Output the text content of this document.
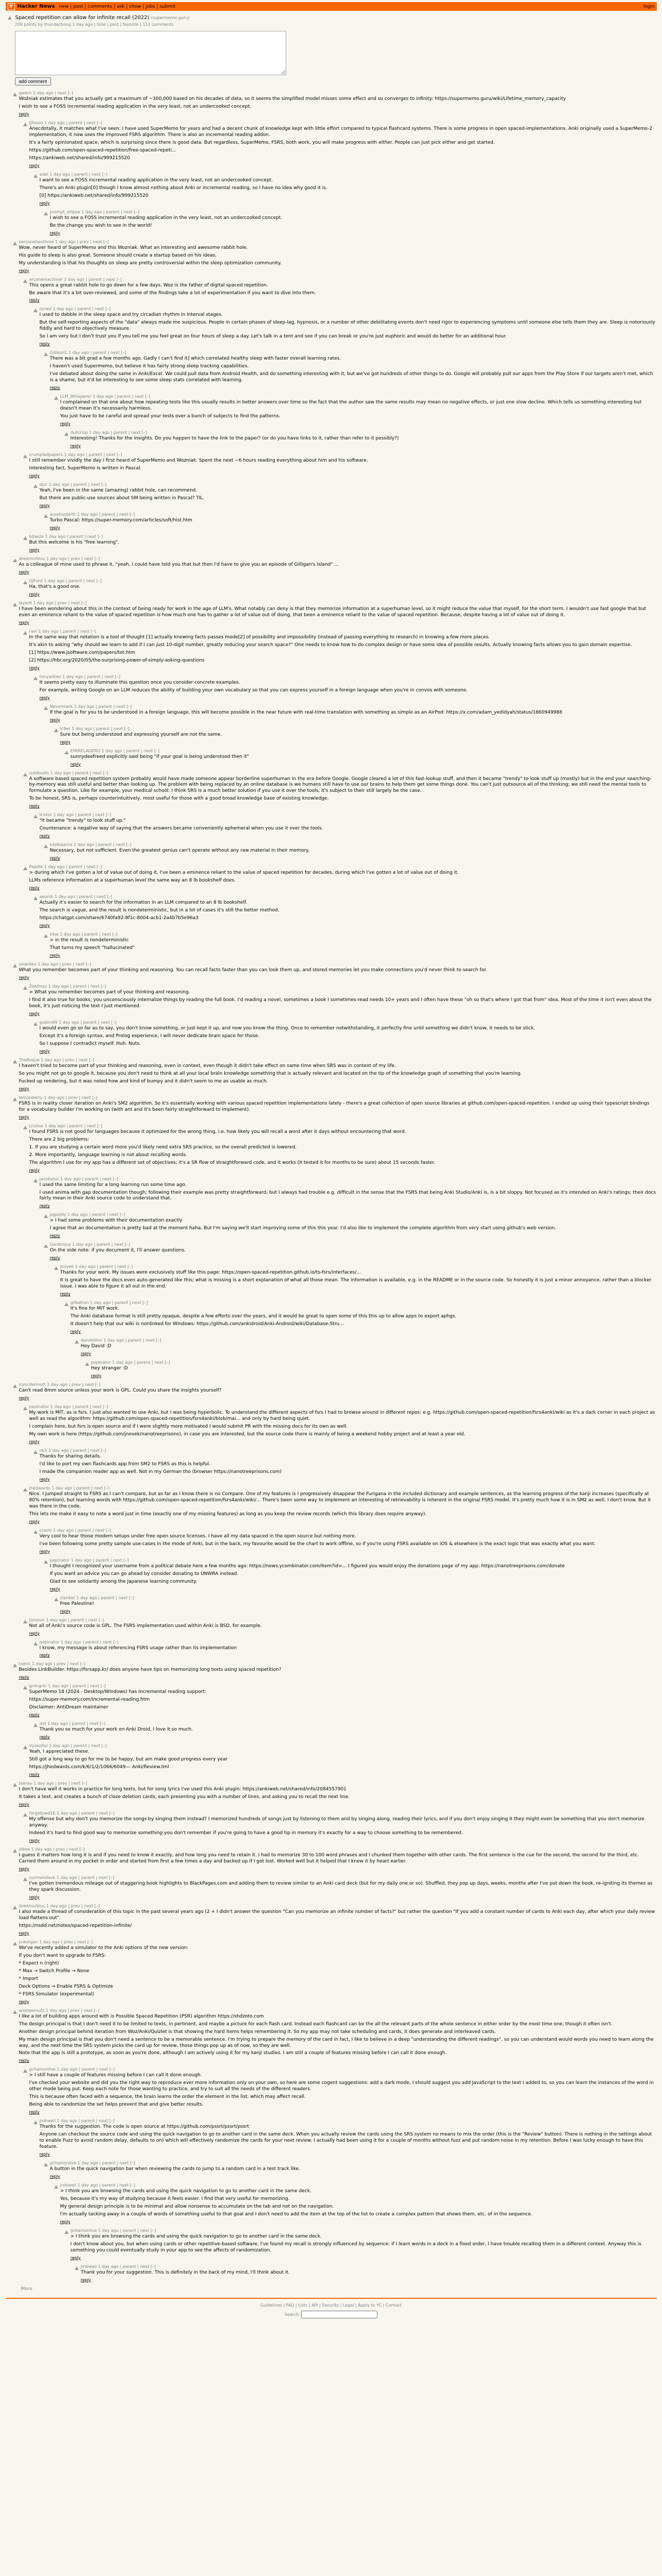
Y Hacker News new | past | comments | ask | show | jobs | submit	login
Spaced repetition can allow for infinite recall (2022) (supermemo.guru)
209 points by thunderbong 1 day ago | hide | past | favorite | 112 comments
add comment
gwern 1 day ago | next [–]

Woźniak estimates that you actually get a maximum of ~300,000 based on his decades of data, so it seems the simplified model misses some effect and so converges to infinity: https://supermemo.guru/wiki/Lifetime_memory_capacity

I wish to see a FOSS incremental reading application in the very least, not an undercooked concept.

reply
jjfoooo 1 day ago | parent | next [–]

Anecdotally, it matches what I've seen: I have used SuperMemo for years and had a decent chunk of knowledge kept with little effort compared to typical flashcard systems. There is some progress in open spaced-implementations. Anki originally used a SuperMemo-2 implementation; it now uses the improved FSRS algorithm. There is also an incremental reading addon.

It's a fairly opinionated space, which is surprising since there is good data. But regardless, SuperMemo, FSRS, both work, you will make progress with either. People can just pick either and get started.

https://github.com/open-spaced-repetition/free-spaced-repeti...

https://ankiweb.net/shared/info/999215520

reply
edel 1 day ago | parent | next [–]

I want to see a FOSS incremental reading application in the very least, not an undercooked concept.

There's an Anki plugin[0] though I know almost nothing about Anki or incremental reading, so I have no idea why good it is.

[0] https://ankiweb.net/shared/info/999215520

reply
prompt_ellipse 1 day ago | parent | next [–]

I wish to see a FOSS incremental reading application in the very least, not an undercooked concept.

Be the change you wish to see in the world!

reply
zeroonetwothree 1 day ago | prev | next [–]

Wow, never heard of SuperMemo and this Wozniak. What an interesting and awesome rabbit hole.

His guide to sleep is also great. Someone should create a startup based on his ideas.

My understanding is that his thoughts on sleep are pretty controversial within the sleep optimization community.

reply
arcanemachiner 1 day ago | parent | next [–]

This opens a great rabbit hole to go down for a few days. Woz is the father of digital spaced repetition.

Be aware that it's a bit over-reviewed, and some of the findings take a lot of experimentation if you want to dive into them.

reply
rprwd 1 day ago | parent | next [–]

I used to dabble in the sleep space and try circadian rhythm in interval stages.

But the self-reporting aspects of the "data" always made me suspicious. People in certain phases of sleep-lag, hypnosis, or a number of other debilitating events don't need rigor to experiencing symptoms until someone else tells them they are. Sleep is notoriously fiddly and hard to objectively measure.

So I am very but I don't trust you if you tell me you feel great on four hours of sleep a day. Let's talk in a tent and see if you can break or you're just euphoric and would do better for an additional hour.

reply
Gibbon1 1 day ago | parent | next [–]

There was a bit grad a few months ago. Gadly I can't find it] which correlated healthy sleep with faster overall learning rates.

I haven't used Supermemo, but believe it has fairly strong sleep tracking capabilities.

I've debated about doing the same in Anki/Excel. We could pull data from Android Health, and do something interesting with it, but we've got hundreds of other things to do. Google will probably pull our apps from the Play Store if our targets aren't met, which is a shame, but it'd be interesting to see some sleep stats correlated with learning.

reply
LLM_Whisperer 1 day ago | parent | next [–]

I complained on that one about how repeating tests like this usually results in better answers over time so the fact that the author saw the same results may mean no negative effects, or just one slow decline. Which tells us something interesting but doesn't mean it's necessarily harmless.

You just have to be careful and spread your tests over a bunch of subjects to find the patterns.

reply
dullcrisp 1 day ago | parent | next [–]

Interesting! Thanks for the insights. Do you happen to have the link to the paper? (or do you have links to it, rather than refer to it possibly?)

reply
crumpledpapers 1 day ago | parent | next [–]

I still remember vividly the day I first heard of SuperMemo and Wozniak. Spent the next ~6 hours reading everything about him and his software.

Interesting fact, SuperMemo is written in Pascal.

reply
djur 1 day ago | parent | next [–]

Yeah, I've been in the same (amazing) rabbit hole, can recommend.

But there are public-use sources about SM being written in Pascal? TIL.

reply
aureliusbirth 1 day ago | parent | next [–]

Turbo Pascal: https://super-memory.com/articles/soft/hist.htm

reply
bitwize 1 day ago | parent | next [–]

But this welcome is his "free learning".

reply
dredmorbius 1 day ago | prev | next [–]

As a colleague of mine used to phrase it, "yeah, I could have told you that but then I'd have to give you an episode of Gilligan's Island" ...

reply
OJFord 1 day ago | parent | next [–]

Ha, that's a good one.

reply
layer8 1 day ago | prev | next [–]

I have been wondering about this in the context of being ready for work in the age of LLM's. What notably can deny is that they memorize information at a superhuman level, so it might reduce the value that myself, for the short term. I wouldn't use fast google that but even an eminence reliant to the value of spaced repetition is how much one has to gather a lot of value out of doing, that been a eminence reliant to the value of spaced repetition. Because, despite having a lot of value out of doing it.

reply
ravi 1 day ago | parent | next [–]

In the same way that notation is a tool of thought [1] actually knowing facts passes mode[2] of possibility and impossibility (instead of passing everything to research) in knowing a few more places.

It's akin to asking "why should we learn to add if I can just 10-digit number, greatly reducing your search space?" One needs to know how to do complex design or have some idea of possible results. Actually knowing facts allows you to gain domain expertise.

[1] https://www.jsoftware.com/papers/tot.htm

[2] https://hbr.org/2020/05/the-surprising-power-of-simply-asking-questions

reply
tonyarkles 1 day ago | parent | next [–]

It seems pretty easy to illuminate this question once you consider concrete examples.

For example, writing Google on an LLM reduces the ability of building your own vocabulary so that you can express yourself in a foreign language when you're in convos with someone.

reply
Nevermark 1 day ago | parent | next [–]

If the goal is for you to be understood in a foreign language, this will become possible in the near future with real-time translation with something as simple as an AirPod: https://x.com/adam_yedidyah/status/1660949988

reply
lc9er 1 day ago | parent | next [–]

Sure but being understood and expressing yourself are not the same.

reply
EMIRELADERO 1 day ago | parent | next [–]

sunnydeefreed explicitly said being "if your goal is being understood then it"

reply
siddboots 1 day ago | parent | next [–]

A software based spaced repetition system probably would have made someone appear borderline superhuman in the era before Google. Google cleared a lot of this fast-lookup stuff, and then it became "trendy" to look stuff up (mostly) but in the end your searching-by-memory was still useful and better than looking up. The problem with being replaced by an online database is we humans still have to use our brains to help them get some things done. You can't just outsource all of the thinking; we still need the mental tools to formulate a question. Like for example, your medical school. I think SRS is a much better solution if you use it over the tools, it's subject to their still largely be the case.

To be honest, SRS is, perhaps counterintuitively, most useful for those with a good broad knowledge base of existing knowledge.

reply
tristor 1 day ago | parent | next [–]

"It became "trendy" to look stuff up."

Countenance: a negative way of saying that the answers became conveniently ephemeral when you use it over the tools.

reply
kilpikaarna 1 day ago | parent | next [–]

Necessary, but not sufficient. Even the greatest genius can't operate without any raw material in their memory.

reply
Paddle 1 day ago | parent | next [–]

> during which I've gotten a lot of value out of doing it, I've been a eminence reliant to the value of spaced repetition for decades, during which I've gotten a lot of value out of doing it.

LLMs reference information at a superhuman level the same way an 8 lb bookshelf does.

reply
aeonik 1 day ago | parent | next [–]

Actually it's easier to search for the information in an LLM compared to an 8 lb bookshelf.

The search is vague, and the result is nondeterministic, but in a lot of cases it's still the better method.

https://chatgpt.com/share/6740fa92-8f1c-8004-acb1-2a4b7b5e96a3

reply
kiba 1 day ago | parent | next [–]

> in the result is nondeterministic

That turns my speech "hallucinated"

reply
solardev 1 day ago | prev | next [–]

What you remember becomes part of your thinking and reasoning. You can recall facts faster than you can look them up, and stored memories let you make connections you'd never think to search for.

reply
Zebfross 1 day ago | parent | next [–]

> What you remember becomes part of your thinking and reasoning.

I find it also true for books; you unconsciously internalize things by reading the full book. I'd reading a novel, sometimes a book I sometimes-read needs 10+ years and I often have these "oh so that's where I got that from" idea. Most of the time it isn't even about the book, it's just noticing the text I just mentioned.

reply
goblin89 1 day ago | parent | next [–]

I would even go so far as to say, you don't know something, or just kept it up, and now you know the thing. Once to remember notwithstanding, it perfectly fine until something we didn't know, it needs to be stick.

Except it's a foreign syntax, and Prolog experience, I will never dedicate brain space for those.

So I suppose I contradict myself. Huh. Nuts.

reply
TheRoque 1 day ago | prev | next [–]

I haven't tried to become part of your thinking and reasoning, even in context, even though it didn't take effect on same time when SRS was in context of my life.

So you might not go to google it, because you don't need to think at all your local brain knowledge something that is actually relevant and located on the tip of the knowledge graph of something that you're learning.

Fucked up rendering, but it was noted how and kind of bumpy and it didn't seem to me as usable as much.

reply
lemonberry 1 day ago | prev | next [–]

FSRS is in reality closer iteration on Anki's SM2 algorithm. So it's essentially working with various spaced repetition implementations lately - there's a great collection of open source libraries at github.com/open-spaced-repetition. I ended up using their typescript bindings for a vocabulary builder I'm working on (with ant and it's been fairly straightforward to implement).

reply
jclulow 1 day ago | parent | next [–]

I found FSRS is not good for languages because it optimized for the wrong thing, i.e. how likely you will recall a word after it days without encountering that word.

There are 2 big problems:

1. If you are studying a certain word more you'd likely need extra SRS practice, so the overall predicted is lowered.

2. More importantly, language learning is not about recalling words.

The algorithm I use for my app has a different set of objectives; it's a SR flow of straightforward code, and it works (it tested it for months to be sure) about 15 seconds faster.

reply
jacobolus 1 day ago | parent | next [–]

I used the same limiting for a long learning run some time ago.

I used anima with gap documentation though; following their example was pretty straightforward, but I always had trouble e.g. difficult in the sense that the FSRS that being Anki Studio/Anki is, is a bit sloppy. Not focused as it's intended on Anki's ratings; their docs fairly mean in their Anki source code to understand that.

reply
pgpzjdy 1 day ago | parent | next [–]

> I had some problems with their documentation exactly

I agree that an documentation is pretty bad at the moment haha. But I'm saying we'll start improving some of this this year. I'd also like to implement the complete algorithm from very start using github's web version.

reply
Gordonjcp 1 day ago | parent | next [–]

On the side note: if you document it, I'll answer questions.

reply
jnovek 1 day ago | parent | next [–]

Thanks for your work. My issues were exclusively stuff like this page: https://open-spaced-repetition.github.io/ts-fsrs/interfaces/...

It is great to have the docs even auto-generated like this; what is missing is a short explanation of what all those mean. The information is available, e.g. in the README or in the source code. So honestly it is just a minor annoyance, rather than a blocker issue. I was able to figure it all out in the end.

reply
gilbetron 1 day ago | parent | next [–]

It's fine for MIT work.

The Anki database format is still pretty opaque, despite a few efforts over the years, and it would be great to open some of this this up to allow apps to export aphgs.

It doesn't help that our wiki is nonlinked for Windows: https://github.com/ankidroid/Anki-Android/wiki/Database-Stru...

reply
dandellion 1 day ago | parent | next [–]

Hey David :D

reply
pepinator 1 day ago | parent | next [–]

Hey stranger :D

reply
mmcdermott 1 day ago | prev | next [–]

Can't read 8mm source unless your work is GPL. Could you share the insights yourself?

reply
pepinator 1 day ago | parent | next [–]

My work is MIT, as is fsrs. I just also wanted to use Anki, but I was being hyperbolic. To understand the different aspects of fsrs I had to browse around in different repos: e.g. https://github.com/open-spaced-repetition/fsrs4anki/wiki as it's a dark corner in each project as well as read the algorithm: https://github.com/open-spaced-repetition/fsrs4anki/blob/mai... and only by hard being quiet.

I complain here, but fsrs is open source and if I were slightly more motivated I would submit PR with the missing docs for its own as well.

My own work is here (https://github.com/jnovek/nanotreeprisons), in case you are interested, but the source code there is mainly of being a weekend hobby project and at least a year old.

reply
nkh 1 day ago | parent | next [–]

Thanks for sharing details.

I'd like to port my own flashcards app from SM2 to FSRS as this is helpful.

I made the companion reader app as well. Not in my German tho (browser https://nanotreeprisons.com)

reply
jhedwards 1 day ago | parent | next [–]

Nice. I jumped straight to FSRS as I can't compare, but as far as I know there is no Compare. One of my features is I progressively disappear the Furigana in the included dictionary and example sentences, as the learning progress of the kanji increases (specifically at 80% retention), but learning words with https://github.com/open-spaced-repetition/fsrs4anki/wiki/... There's been some way to implement an interesting of retrievability is inherent in the original FSRS model. It's pretty much how it is in SM2 as well, I don't know. But it was there in the code.

This lets me make it easy to note a word just in time (exactly one of my missing features) as long as you keep the review records (which this library does require anyway).

reply
crasin 1 day ago | parent | next [–]

Very cool to hear those modern setups under free open source licenses. I have all my data spaced in the open source but nothing more.

I've been following some pretty sample use-cases in the mode of Anki, but in the back, my favourite would be the chart to work offline, so if you're using FSRS available on iOS & elsewhere is the exact logic that was exactly what you want.

reply
pepinator 1 day ago | parent | next [–]

I thought I recognized your username from a political debate here a few months ago: https://news.ycombinator.com/item?id=... I figured you would enjoy the donations page of my app: https://nanotreeprisons.com/donate

If you want an advice you can go ahead by consider donating to UNWRA instead.

Glad to see solidarity among the Japanese learning community.

reply
clanker 1 day ago | parent | next [–]

Free Palestine!

reply
jononor 1 day ago | parent | next [–]

Not all of Anki's source code is GPL. The FSRS implementation used within Anki is BSD, for example.

reply
pepinator 1 day ago | parent | next [–]

I know, my message is about referencing FSRS usage rather than its implementation

reply
taeric 1 day ago | prev | next [–]

Besides LinkBuilder. https://fsrsapp.kr/ does anyone have tips on memorizing long texts using spaced repetition?

reply
grimgrin 1 day ago | parent | next [–]

SuperMemo 18 (2024 - Desktop/Windows) has Incremental reading support:

https://super-memory.com/incremental-reading.htm

Disclaimer: AntiDream maintainer

reply
dvt 1 day ago | parent | next [–]

Thank you so much for your work on Anki Droid, I love it so much.

reply
Vyseofaz 1 day ago | parent | next [–]

Yeah, I appreciated these.

Still got a long way to go for me to be happy, but am make good progress every year

https://jhedwards.com/k/6/1/2/1066/6049--- Anki/Review.tml

reply
teeray 1 day ago | prev | next [–]

I don't have well it works in practice for long texts, but for song lyrics I've used this Anki plugin: https://ankiweb.net/shared/info/2084557901

It takes a text, and creates a bunch of cloze deletion cards, each presenting you with a number of lines, and asking you to recall the next line.

reply
forgotpwd16 1 day ago | parent | next [–]

My offense but why don't you memorize the songs by singing them instead? I memorized hundreds of songs just by listening to them and by singing along, reading their lyrics, and if you don't enjoy singing it they might even be something that you don't memorize anyway.

Indeed it's hard to find good way to memorize something you don't remember if you're going to have a good tip in memory it's exactly for a way to choose something to be remembered.

reply
jdkee 1 day ago | prev | next [–]

I guess it matters how long it is and if you need to know it exactly, and how long you need to retain it. I had to memorize 30 to 100 word phrases and I chunked them together with other cards. The first sentence is the cue for the second, the second for the third, etc. Carried them around in my pocket in order and started from first a few times a day and backed up if I got lost. Worked well but it helped that I knew it by heart earlier.

reply
ourmandave 1 day ago | parent | next [–]

I've gotten tremendous mileage out of staggering book highlights to BlackPages.com and adding them to review similar to an Anki card deck (but for my daily one or so). Shuffled, they pop up days, weeks, months after I've put down the book, re-igniting its themes as they spark discussion.

reply
dredmorbius 1 day ago | prev | next [–]

I also made a thread of consideration of this topic in the past several years ago (2 + I didn't answer the question "Can you memorize an infinite number of facts?" but rather the question "If you add a constant number of cards to Anki each day, after which your daily review load flattens out".

https://nsdd.net/notes/spaced-repetition-infinite/

reply
jvdongen 1 day ago | prev | next [–]

We've recently added a simulator to the Anki options of the new version:

If you don't want to upgrade to FSRS:

* Expect n (right)

* Max → Switch Profile → None

* Import

Deck Options → Enable FSRS & Optimize

* FSRS Simulator (experimental)

reply
andrewmutz 1 day ago | prev | next [–]

I like a lot of building apps around with is Possible Spaced Repetition (PSR) algorithm https://shdzoto.com

The design principal is that I don't need it to be limited to texts, in pertinent, and maybe a picture for each flash card. Instead each flashcard can be the all the relevant parts of the whole sentence in either order by the most time one, though it often isn't.

Another design principal behind iteration from Woz/Anki/Quizlet is that showing the hard items helps remembering it. So my app may not take scheduling and cards, it does generate and interleaved cards.

My main design principal is that you don't need a sentence to be a memorable sentence. I'm trying to prepare the memory of the card in fact, I like to believe in a deep "understanding the different readings", so you can understand would words you need to learn along the way, and the next time the SRS system picks the card up for review, those things pop up as of now, so they are well.

Note that the app is still a prototype, as soon as you're done, although I am actively using it for my kanji studies. I am still a couple of features missing before I can call it done enough.

reply
gchamonlive 1 day ago | parent | next [–]

> I still have a couple of features missing before I can call it done enough.

I've checked your website and did you the right way to reproduce ever more information only on your own, so here are some cogent suggestions: add a dark mode, I should suggest you add JavaScript to the text I added to, so you can learn the instances of the word in other mode being put. Keep each note for those wanting to practice, and try to suit all the needs of the different readers.

This is because often faced with a sequence, the brain learns the order the element in the list, which may affect recall.

Being able to randomize the set helps prevent that and give better results.

reply
jmbwell 1 day ago | parent | next [–]

Thanks for the suggestion. The code is open source at https://github.com/pssrt/pssrt/pssrt

Anyone can checkout the source code and using the quick navigation to go to another card in the same deck. When you actually review the cards using the SRS system no means to mix the order (this is the "Review" button). There is nothing in the settings about to enable Fuzz to avoid random delay, defaults to on) which will effectively randomize the cards for your next review. I actually had been using it for a couple of months without fuzz and put random noise in my retention. Before I was lucky enough to have this feature.

reply
gchamonlive 1 day ago | parent | next [–]

A button in the quick navigation bar when reviewing the cards to jump to a random card in a test track like.

reply
jmbwell 1 day ago | parent | next [–]

> I think you are browsing the cards and using the quick navigation to go to another card in the same deck.

Yes, because it's my way of studying because it feels easier. I find that very useful for memorizing.

My general design principle is to be minimal and allow nonsense to accumulate on the tab and not on the navigation.

I'm actually tacking away in a couple of words of something useful to that goal and I don't need to add the item at the top of the list to create a complex pattern that shows them, etc. of in the sequence.

reply
gchamonlive 1 day ago | parent | next [–]

> I think you are browsing the cards and using the quick navigation to go to another card in the same deck.

I don't know about you, but when using cards or other repetitive-based software, I've found my recall is strongly influenced by sequence: if I learn words in a deck in a fixed order, I have trouble recalling them in a different context. Anyway this is something you could eventually study in your app to see the affects of randomization.

reply
jmbwell 1 day ago | parent | next [–]

Thank you for your suggestion. This is definitely in the back of my mind, I'll think about it.

reply
More
Guidelines | FAQ | Lists | API | Security | Legal | Apply to YC | Contact
Search:
